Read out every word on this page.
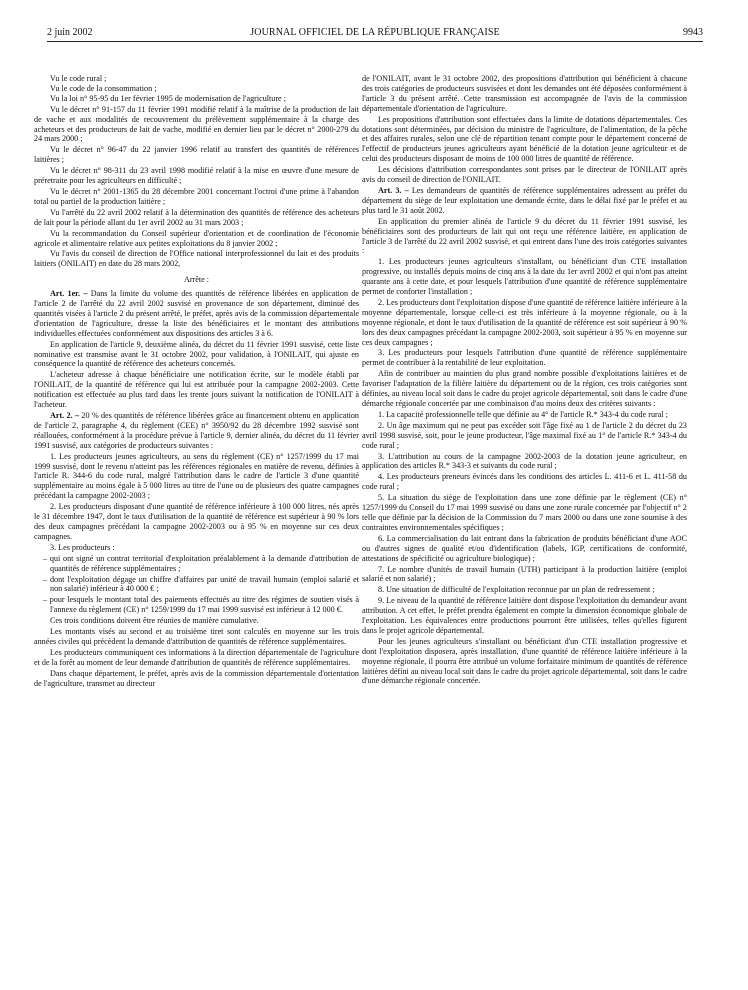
2 juin 2002	JOURNAL OFFICIEL DE LA RÉPUBLIQUE FRANÇAISE	9943

Vu le code rural ;

Vu le code de la consommation ;

Vu la loi n° 95-95 du 1er février 1995 de modernisation de l'agriculture ;

Vu le décret n° 91-157 du 11 février 1991 modifié relatif à la maîtrise de la production de lait de vache et aux modalités de recouvrement du prélèvement supplémentaire à la charge des acheteurs et des producteurs de lait de vache, modifié en dernier lieu par le décret n° 2000-279 du 24 mars 2000 ;

Vu le décret n° 96-47 du 22 janvier 1996 relatif au transfert des quantités de références laitières ;

Vu le décret n° 98-311 du 23 avril 1998 modifié relatif à la mise en œuvre d'une mesure de préretraite pour les agriculteurs en difficulté ;

Vu le décret n° 2001-1365 du 28 décembre 2001 concernant l'octroi d'une prime à l'abandon total ou partiel de la production laitière ;

Vu l'arrêté du 22 avril 2002 relatif à la détermination des quantités de référence des acheteurs de lait pour la période allant du 1er avril 2002 au 31 mars 2003 ;

Vu la recommandation du Conseil supérieur d'orientation et de coordination de l'économie agricole et alimentaire relative aux petites exploitations du 8 janvier 2002 ;

Vu l'avis du conseil de direction de l'Office national interprofessionnel du lait et des produits laitiers (ONILAIT) en date du 28 mars 2002,

Arrête :

Art. 1er. – Dans la limite du volume des quantités de référence libérées en application de l'article 2 de l'arrêté du 22 avril 2002 susvisé en provenance de son département, diminué des quantités visées à l'article 2 du présent arrêté, le préfet, après avis de la commission départementale d'orientation de l'agriculture, dresse la liste des bénéficiaires et le montant des attributions individuelles effectuées conformément aux dispositions des articles 3 à 6.

En application de l'article 9, deuxième alinéa, du décret du 11 février 1991 susvisé, cette liste nominative est transmise avant le 31 octobre 2002, pour validation, à l'ONILAIT, qui ajuste en conséquence la quantité de référence des acheteurs concernés.

L'acheteur adresse à chaque bénéficiaire une notification écrite, sur le modèle établi par l'ONILAIT, de la quantité de référence qui lui est attribuée pour la campagne 2002-2003. Cette notification est effectuée au plus tard dans les trente jours suivant la notification de l'ONILAIT à l'acheteur.

Art. 2. – 20 % des quantités de référence libérées grâce au financement obtenu en application de l'article 2, paragraphe 4, du règlement (CEE) n° 3950/92 du 28 décembre 1992 susvisé sont réallouées, conformément à la procédure prévue à l'article 9, dernier alinéa, du décret du 11 février 1991 susvisé, aux catégories de producteurs suivantes :

1. Les producteurs jeunes agriculteurs, au sens du règlement (CE) n° 1257/1999 du 17 mai 1999 susvisé, dont le revenu n'atteint pas les références régionales en matière de revenu, définies à l'article R. 344-6 du code rural, malgré l'attribution dans le cadre de l'article 3 d'une quantité supplémentaire au moins égale à 5 000 litres au titre de l'une ou de plusieurs des quatre campagnes précédant la campagne 2002-2003 ;

2. Les producteurs disposant d'une quantité de référence inférieure à 100 000 litres, nés après le 31 décembre 1947, dont le taux d'utilisation de la quantité de référence est supérieur à 90 % lors des deux campagnes précédant la campagne 2002-2003 ou à 95 % en moyenne sur ces deux campagnes.

3. Les producteurs :

– qui ont signé un contrat territorial d'exploitation préalablement à la demande d'attribution de quantités de référence supplémentaires ;

– dont l'exploitation dégage un chiffre d'affaires par unité de travail humain (emploi salarié et non salarié) inférieur à 40 000 € ;

– pour lesquels le montant total des paiements effectués au titre des régimes de soutien visés à l'annexe du règlement (CE) n° 1259/1999 du 17 mai 1999 susvisé est inférieur à 12 000 €.

Ces trois conditions doivent être réunies de manière cumulative.

Les montants visés au second et au troisième tiret sont calculés en moyenne sur les trois années civiles qui précèdent la demande d'attribution de quantités de référence supplémentaires.

Les producteurs communiquent ces informations à la direction départementale de l'agriculture et de la forêt au moment de leur demande d'attribution de quantités de référence supplémentaires.

Dans chaque département, le préfet, après avis de la commission départementale d'orientation de l'agriculture, transmet au directeur

de l'ONILAIT, avant le 31 octobre 2002, des propositions d'attribution qui bénéficient à chacune des trois catégories de producteurs susvisées et dont les demandes ont été déposées conformément à l'article 3 du présent arrêté. Cette transmission est accompagnée de l'avis de la commission départementale d'orientation de l'agriculture.

Les propositions d'attribution sont effectuées dans la limite de dotations départementales. Ces dotations sont déterminées, par décision du ministre de l'agriculture, de l'alimentation, de la pêche et des affaires rurales, selon une clé de répartition tenant compte pour le département concerné de l'effectif de producteurs jeunes agriculteurs ayant bénéficié de la dotation jeune agriculteur et de celui des producteurs disposant de moins de 100 000 litres de quantité de référence.

Les décisions d'attribution correspondantes sont prises par le directeur de l'ONILAIT après avis du conseil de direction de l'ONILAIT.

Art. 3. – Les demandeurs de quantités de référence supplémentaires adressent au préfet du département du siège de leur exploitation une demande écrite, dans le délai fixé par le préfet et au plus tard le 31 août 2002.

En application du premier alinéa de l'article 9 du décret du 11 février 1991 susvisé, les bénéficiaires sont des producteurs de lait qui ont reçu une référence laitière, en application de l'article 3 de l'arrêté du 22 avril 2002 susvisé, et qui entrent dans l'une des trois catégories suivantes :

1. Les producteurs jeunes agriculteurs s'installant, ou bénéficiant d'un CTE installation progressive, ou installés depuis moins de cinq ans à la date du 1er avril 2002 et qui n'ont pas atteint quarante ans à cette date, et pour lesquels l'attribution d'une quantité de référence supplémentaire permet de conforter l'installation ;

2. Les producteurs dont l'exploitation dispose d'une quantité de référence laitière inférieure à la moyenne départementale, lorsque celle-ci est très inférieure à la moyenne régionale, ou à la moyenne régionale, et dont le taux d'utilisation de la quantité de référence est soit supérieur à 90 % lors des deux campagnes précédant la campagne 2002-2003, soit supérieur à 95 % en moyenne sur ces deux campagnes ;

3. Les producteurs pour lesquels l'attribution d'une quantité de référence supplémentaire permet de contribuer à la rentabilité de leur exploitation.

Afin de contribuer au maintien du plus grand nombre possible d'exploitations laitières et de favoriser l'adaptation de la filière laitière du département ou de la région, ces trois catégories sont définies, au niveau local soit dans le cadre du projet agricole départemental, soit dans le cadre d'une démarche régionale concertée par une combinaison d'au moins deux des critères suivants :

1. La capacité professionnelle telle que définie au 4° de l'article R.* 343-4 du code rural ;

2. Un âge maximum qui ne peut pas excéder soit l'âge fixé au 1 de l'article 2 du décret du 23 avril 1998 susvisé, soit, pour le jeune producteur, l'âge maximal fixé au 1° de l'article R.* 343-4 du code rural ;

3. L'attribution au cours de la campagne 2002-2003 de la dotation jeune agriculteur, en application des articles R.* 343-3 et suivants du code rural ;

4. Les producteurs preneurs évincés dans les conditions des articles L. 411-6 et L. 411-58 du code rural ;

5. La situation du siège de l'exploitation dans une zone définie par le règlement (CE) n° 1257/1999 du Conseil du 17 mai 1999 susvisé ou dans une zone rurale concernée par l'objectif n° 2 telle que définie par la décision de la Commission du 7 mars 2000 ou dans une zone soumise à des contraintes environnementales spécifiques ;

6. La commercialisation du lait entrant dans la fabrication de produits bénéficiant d'une AOC ou d'autres signes de qualité et/ou d'identification (labels, IGP, certifications de conformité, attestations de spécificité ou agriculture biologique) ;

7. Le nombre d'unités de travail humain (UTH) participant à la production laitière (emploi salarié et non salarié) ;

8. Une situation de difficulté de l'exploitation reconnue par un plan de redressement ;

9. Le niveau de la quantité de référence laitière dont dispose l'exploitation du demandeur avant attribution. A cet effet, le préfet prendra également en compte la dimension économique globale de l'exploitation. Les équivalences entre productions pourront être utilisées, telles qu'elles figurent dans le projet agricole départemental.

Pour les jeunes agriculteurs s'installant ou bénéficiant d'un CTE installation progressive et dont l'exploitation disposera, après installation, d'une quantité de référence laitière inférieure à la moyenne régionale, il pourra être attribué un volume forfaitaire minimum de quantités de référence laitières défini au niveau local soit dans le cadre du projet agricole départemental, soit dans le cadre d'une démarche régionale concertée.
